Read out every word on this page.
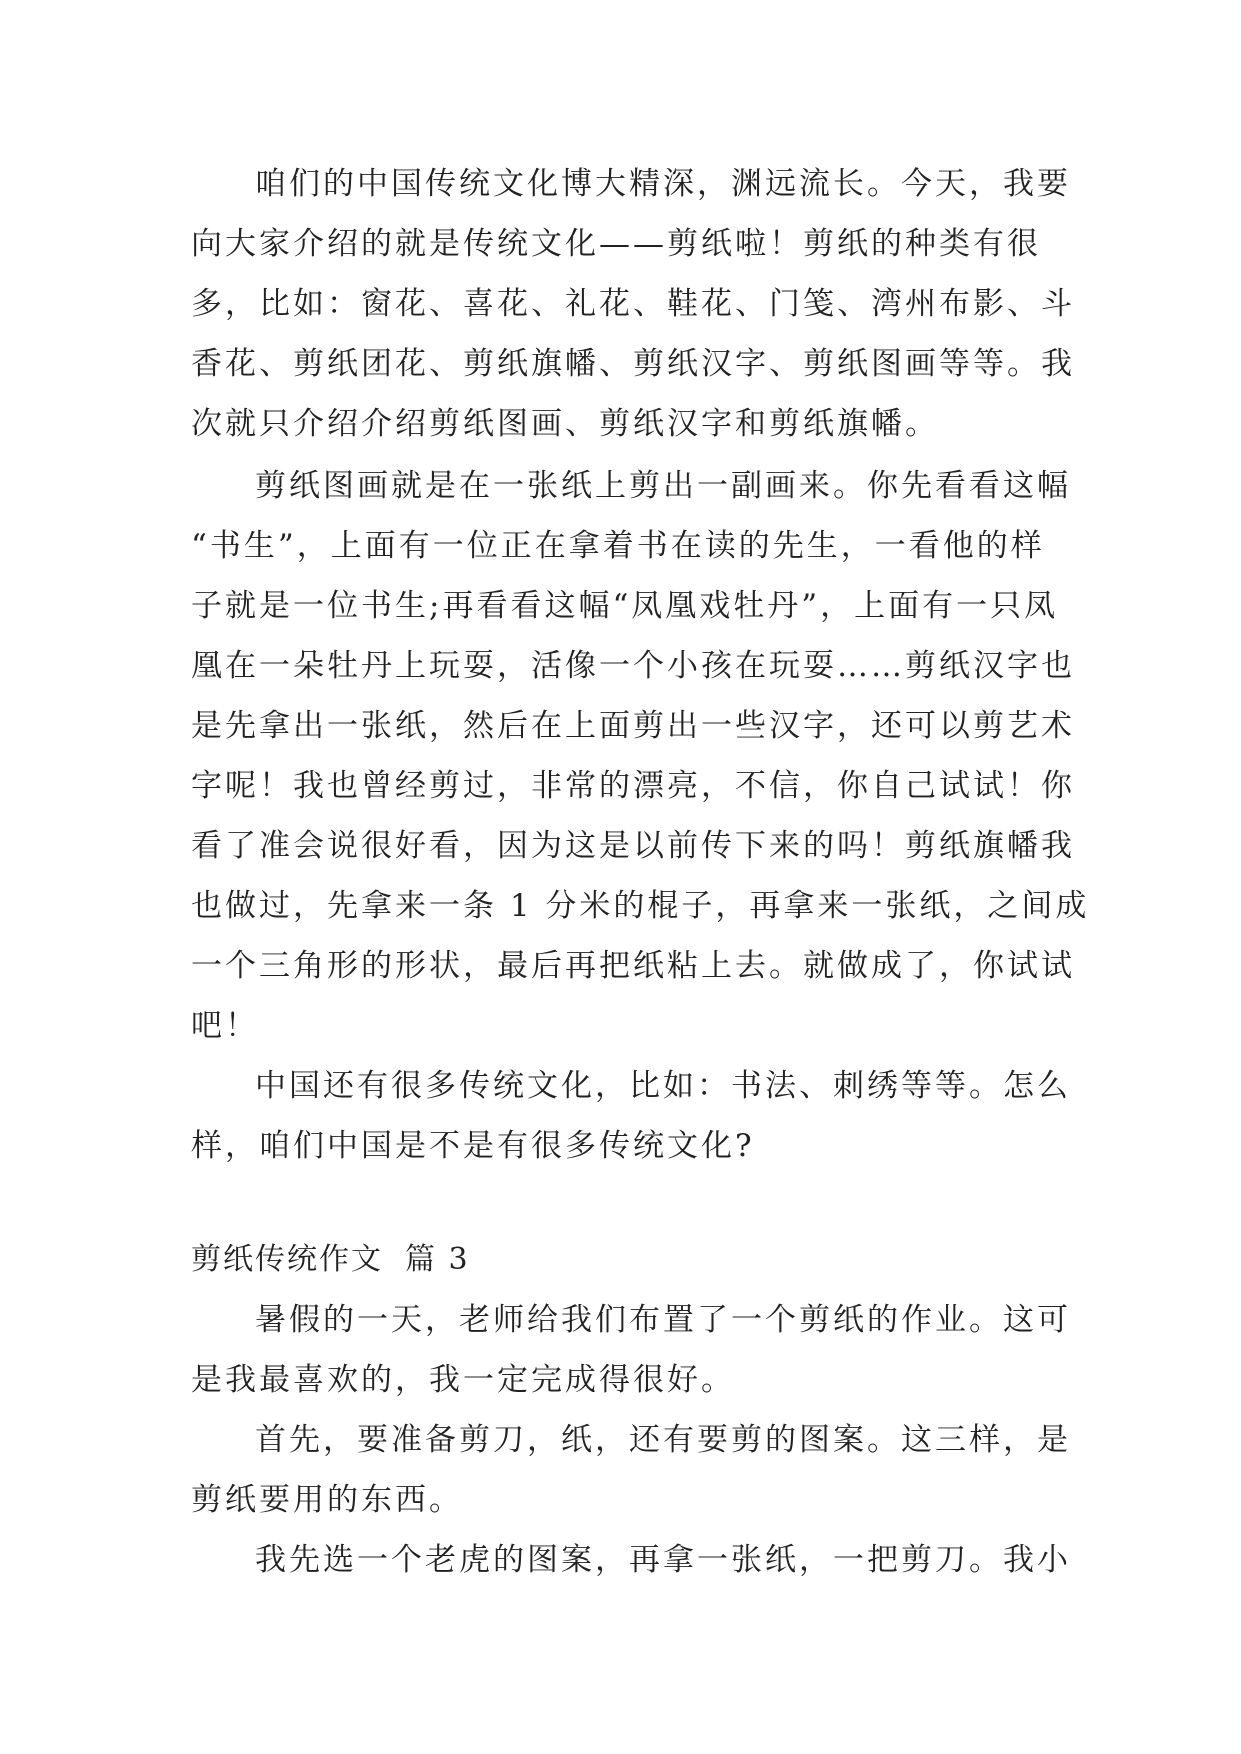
咱们的中国传统文化博大精深，渊远流长。今天，我要
向大家介绍的就是传统文化——剪纸啦！剪纸的种类有很
多，比如：窗花、喜花、礼花、鞋花、门笺、湾州布影、斗
香花、剪纸团花、剪纸旗幡、剪纸汉字、剪纸图画等等。我
次就只介绍介绍剪纸图画、剪纸汉字和剪纸旗幡。
剪纸图画就是在一张纸上剪出一副画来。你先看看这幅
“书生”，上面有一位正在拿着书在读的先生，一看他的样
子就是一位书生;再看看这幅“凤凰戏牡丹”，上面有一只凤
凰在一朵牡丹上玩耍，活像一个小孩在玩耍……剪纸汉字也
是先拿出一张纸，然后在上面剪出一些汉字，还可以剪艺术
字呢！我也曾经剪过，非常的漂亮，不信，你自己试试！你
看了准会说很好看，因为这是以前传下来的吗！剪纸旗幡我
也做过，先拿来一条 1 分米的棍子，再拿来一张纸，之间成
一个三角形的形状，最后再把纸粘上去。就做成了，你试试
吧！
中国还有很多传统文化，比如：书法、刺绣等等。怎么
样，咱们中国是不是有很多传统文化?
剪纸传统作文 篇 3
暑假的一天，老师给我们布置了一个剪纸的作业。这可
是我最喜欢的，我一定完成得很好。
首先，要准备剪刀，纸，还有要剪的图案。这三样，是
剪纸要用的东西。
我先选一个老虎的图案，再拿一张纸，一把剪刀。我小
